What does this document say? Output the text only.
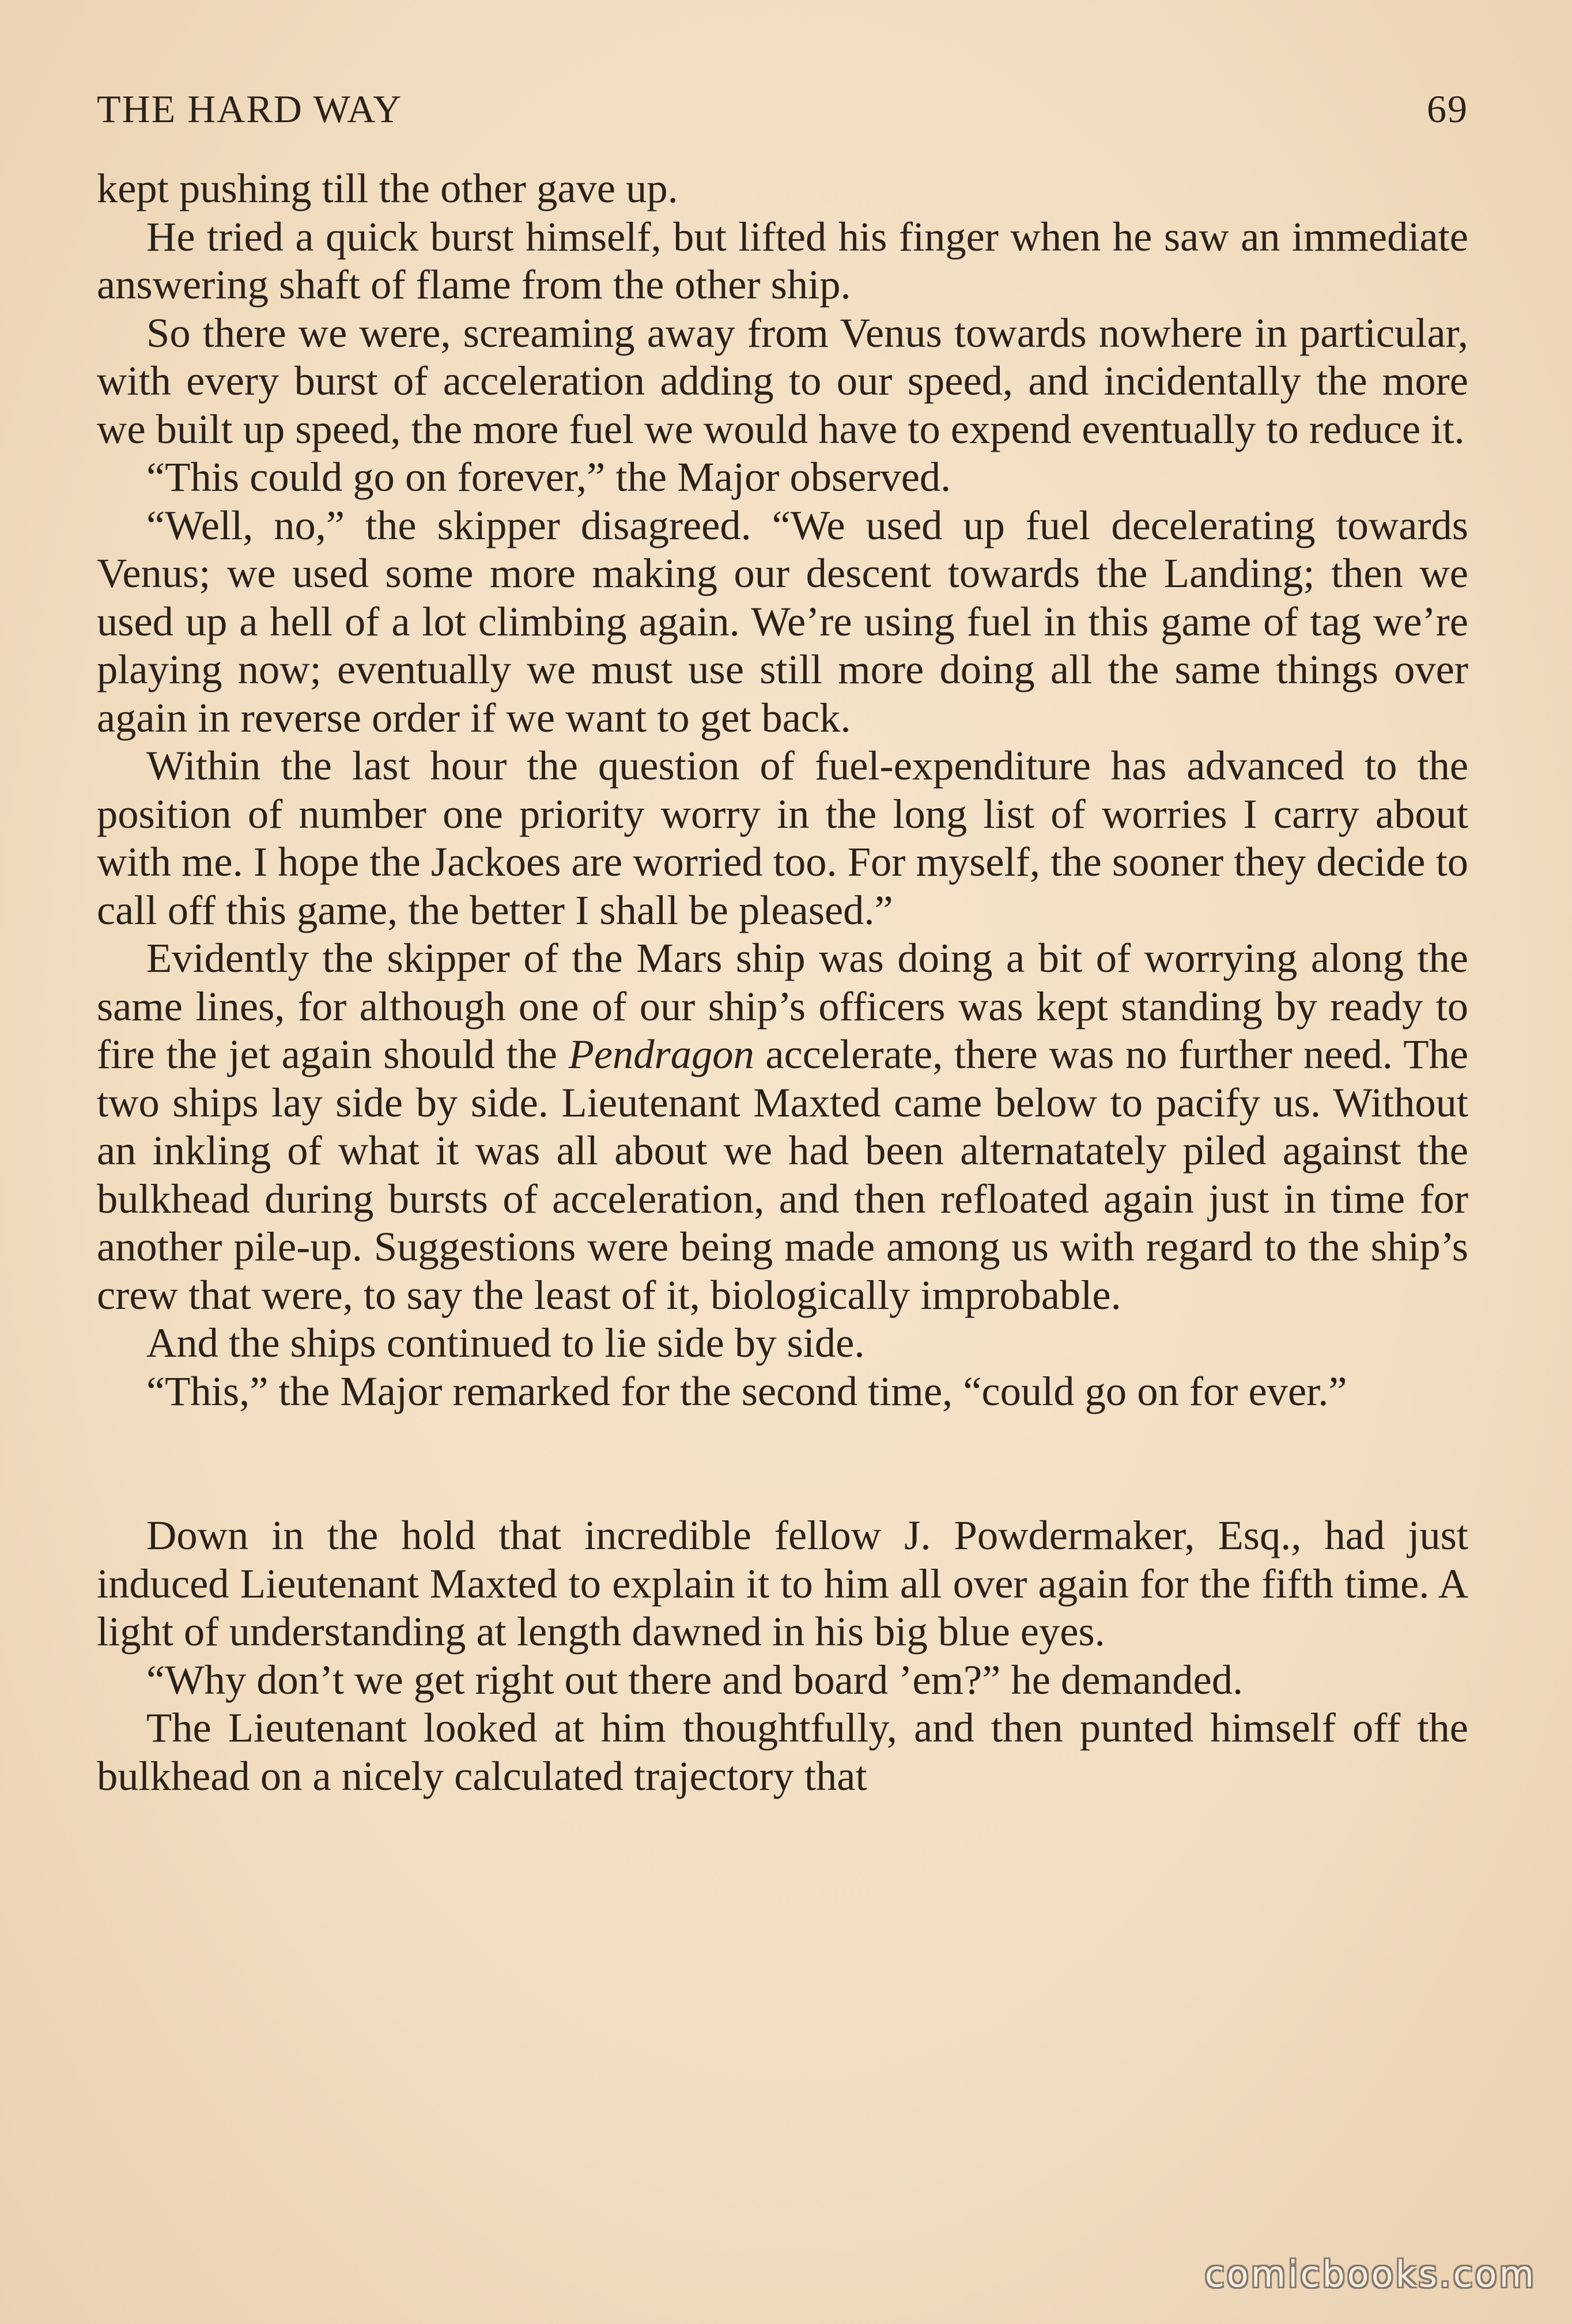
THE HARD WAY	69

kept pushing till the other gave up.

He tried a quick burst himself, but lifted his finger when he saw an immediate answering shaft of flame from the other ship.

So there we were, screaming away from Venus towards nowhere in particular, with every burst of acceleration adding to our speed, and incidentally the more we built up speed, the more fuel we would have to expend eventually to reduce it.

“This could go on forever,” the Major observed.

“Well, no,” the skipper disagreed. “We used up fuel decelerating towards Venus; we used some more making our descent towards the Landing; then we used up a hell of a lot climbing again. We’re using fuel in this game of tag we’re playing now; eventually we must use still more doing all the same things over again in reverse order if we want to get back.

Within the last hour the question of fuel-expenditure has advanced to the position of number one priority worry in the long list of worries I carry about with me. I hope the Jackoes are worried too. For myself, the sooner they decide to call off this game, the better I shall be pleased.”

Evidently the skipper of the Mars ship was doing a bit of worrying along the same lines, for although one of our ship’s officers was kept standing by ready to fire the jet again should the Pendragon accelerate, there was no further need. The two ships lay side by side. Lieutenant Maxted came below to pacify us. Without an inkling of what it was all about we had been alternatately piled against the bulkhead during bursts of acceleration, and then refloated again just in time for another pile-up. Suggestions were being made among us with regard to the ship’s crew that were, to say the least of it, biologically improbable.

And the ships continued to lie side by side.

“This,” the Major remarked for the second time, “could go on for ever.”

Down in the hold that incredible fellow J. Powdermaker, Esq., had just induced Lieutenant Maxted to explain it to him all over again for the fifth time. A light of understanding at length dawned in his big blue eyes.

“Why don’t we get right out there and board ’em?” he demanded.

The Lieutenant looked at him thoughtfully, and then punted himself off the bulkhead on a nicely calculated trajectory that

comicbooks.com
